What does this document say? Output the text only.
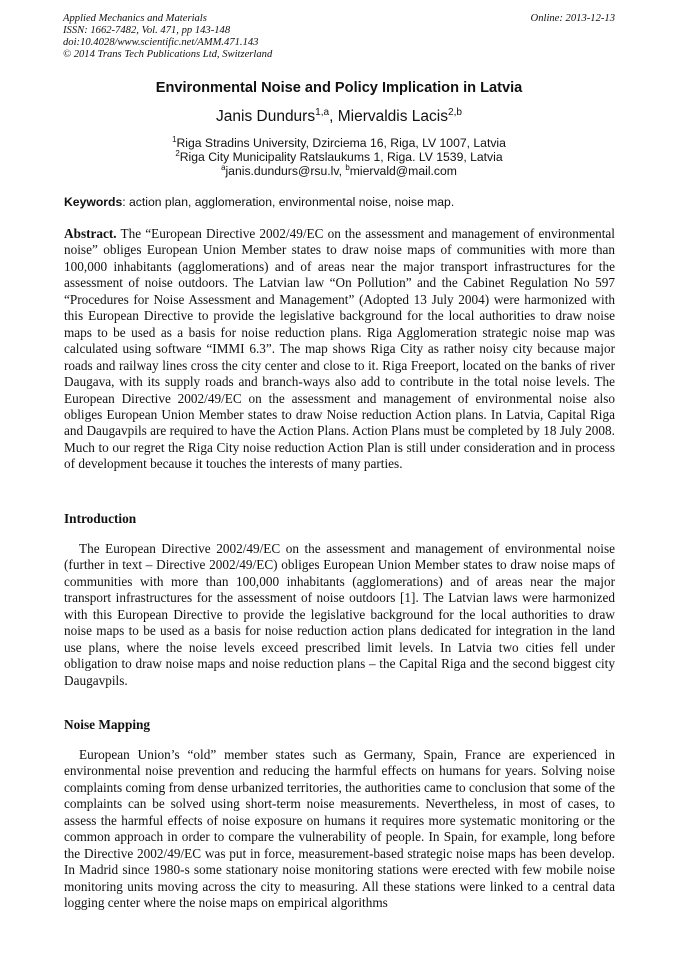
Applied Mechanics and Materials
ISSN: 1662-7482, Vol. 471, pp 143-148
doi:10.4028/www.scientific.net/AMM.471.143
© 2014 Trans Tech Publications Ltd, Switzerland
Online: 2013-12-13
Environmental Noise and Policy Implication in Latvia
Janis Dundurs$^{1,a}$, Miervaldis Lacis$^{2,b}$
$^1$Riga Stradins University, Dzirciema 16, Riga, LV 1007, Latvia
$^2$Riga City Municipality Ratslaukums 1, Riga. LV 1539, Latvia
$^a$janis.dundurs@rsu.lv, $^b$miervald@mail.com
Keywords: action plan, agglomeration, environmental noise, noise map.
Abstract. The “European Directive 2002/49/EC on the assessment and management of environmental noise” obliges European Union Member states to draw noise maps of communities with more than 100,000 inhabitants (agglomerations) and of areas near the major transport infrastructures for the assessment of noise outdoors. The Latvian law “On Pollution” and the Cabinet Regulation No 597 “Procedures for Noise Assessment and Management” (Adopted 13 July 2004) were harmonized with this European Directive to provide the legislative background for the local authorities to draw noise maps to be used as a basis for noise reduction plans. Riga Agglomeration strategic noise map was calculated using software “IMMI 6.3”. The map shows Riga City as rather noisy city because major roads and railway lines cross the city center and close to it. Riga Freeport, located on the banks of river Daugava, with its supply roads and branch-ways also add to contribute in the total noise levels. The European Directive 2002/49/EC on the assessment and management of environmental noise also obliges European Union Member states to draw Noise reduction Action plans. In Latvia, Capital Riga and Daugavpils are required to have the Action Plans. Action Plans must be completed by 18 July 2008. Much to our regret the Riga City noise reduction Action Plan is still under consideration and in process of development because it touches the interests of many parties.
Introduction
The European Directive 2002/49/EC on the assessment and management of environmental noise (further in text – Directive 2002/49/EC) obliges European Union Member states to draw noise maps of communities with more than 100,000 inhabitants (agglomerations) and of areas near the major transport infrastructures for the assessment of noise outdoors [1]. The Latvian laws were harmonized with this European Directive to provide the legislative background for the local authorities to draw noise maps to be used as a basis for noise reduction action plans dedicated for integration in the land use plans, where the noise levels exceed prescribed limit levels. In Latvia two cities fell under obligation to draw noise maps and noise reduction plans – the Capital Riga and the second biggest city Daugavpils.
Noise Mapping
European Union’s “old” member states such as Germany, Spain, France are experienced in environmental noise prevention and reducing the harmful effects on humans for years. Solving noise complaints coming from dense urbanized territories, the authorities came to conclusion that some of the complaints can be solved using short-term noise measurements. Nevertheless, in most of cases, to assess the harmful effects of noise exposure on humans it requires more systematic monitoring or the common approach in order to compare the vulnerability of people. In Spain, for example, long before the Directive 2002/49/EC was put in force, measurement-based strategic noise maps has been develop. In Madrid since 1980-s some stationary noise monitoring stations were erected with few mobile noise monitoring units moving across the city to measuring. All these stations were linked to a central data logging center where the noise maps on empirical algorithms
